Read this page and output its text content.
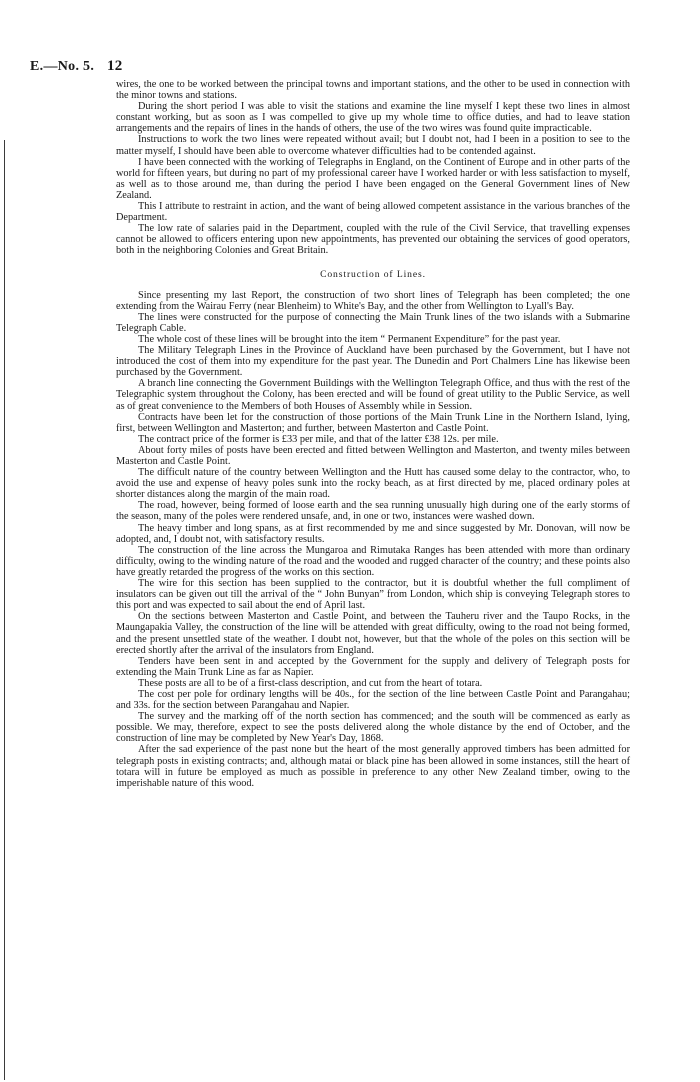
E.—No. 5. 12

wires, the one to be worked between the principal towns and important stations, and the other to be used in connection with the minor towns and stations.

During the short period I was able to visit the stations and examine the line myself I kept these two lines in almost constant working, but as soon as I was compelled to give up my whole time to office duties, and had to leave station arrangements and the repairs of lines in the hands of others, the use of the two wires was found quite impracticable.

Instructions to work the two lines were repeated without avail; but I doubt not, had I been in a position to see to the matter myself, I should have been able to overcome whatever difficulties had to be contended against.

I have been connected with the working of Telegraphs in England, on the Continent of Europe and in other parts of the world for fifteen years, but during no part of my professional career have I worked harder or with less satisfaction to myself, as well as to those around me, than during the period I have been engaged on the General Government lines of New Zealand.

This I attribute to restraint in action, and the want of being allowed competent assistance in the various branches of the Department.

The low rate of salaries paid in the Department, coupled with the rule of the Civil Service, that travelling expenses cannot be allowed to officers entering upon new appointments, has prevented our obtaining the services of good operators, both in the neighboring Colonies and Great Britain.

Construction of Lines.

Since presenting my last Report, the construction of two short lines of Telegraph has been completed; the one extending from the Wairau Ferry (near Blenheim) to White's Bay, and the other from Wellington to Lyall's Bay.

The lines were constructed for the purpose of connecting the Main Trunk lines of the two islands with a Submarine Telegraph Cable.

The whole cost of these lines will be brought into the item “ Permanent Expenditure” for the past year.

The Military Telegraph Lines in the Province of Auckland have been purchased by the Government, but I have not introduced the cost of them into my expenditure for the past year. The Dunedin and Port Chalmers Line has likewise been purchased by the Government.

A branch line connecting the Government Buildings with the Wellington Telegraph Office, and thus with the rest of the Telegraphic system throughout the Colony, has been erected and will be found of great utility to the Public Service, as well as of great convenience to the Members of both Houses of Assembly while in Session.

Contracts have been let for the construction of those portions of the Main Trunk Line in the Northern Island, lying, first, between Wellington and Masterton; and further, between Masterton and Castle Point.

The contract price of the former is £33 per mile, and that of the latter £38 12s. per mile.

About forty miles of posts have been erected and fitted between Wellington and Masterton, and twenty miles between Masterton and Castle Point.

The difficult nature of the country between Wellington and the Hutt has caused some delay to the contractor, who, to avoid the use and expense of heavy poles sunk into the rocky beach, as at first directed by me, placed ordinary poles at shorter distances along the margin of the main road.

The road, however, being formed of loose earth and the sea running unusually high during one of the early storms of the season, many of the poles were rendered unsafe, and, in one or two, instances were washed down.

The heavy timber and long spans, as at first recommended by me and since suggested by Mr. Donovan, will now be adopted, and, I doubt not, with satisfactory results.

The construction of the line across the Mungaroa and Rimutaka Ranges has been attended with more than ordinary difficulty, owing to the winding nature of the road and the wooded and rugged character of the country; and these points also have greatly retarded the progress of the works on this section.

The wire for this section has been supplied to the contractor, but it is doubtful whether the full compliment of insulators can be given out till the arrival of the “ John Bunyan” from London, which ship is conveying Telegraph stores to this port and was expected to sail about the end of April last.

On the sections between Masterton and Castle Point, and between the Tauheru river and the Taupo Rocks, in the Maungapakia Valley, the construction of the line will be attended with great difficulty, owing to the road not being formed, and the present unsettled state of the weather. I doubt not, however, but that the whole of the poles on this section will be erected shortly after the arrival of the insulators from England.

Tenders have been sent in and accepted by the Government for the supply and delivery of Telegraph posts for extending the Main Trunk Line as far as Napier.

These posts are all to be of a first-class description, and cut from the heart of totara.

The cost per pole for ordinary lengths will be 40s., for the section of the line between Castle Point and Parangahau; and 33s. for the section between Parangahau and Napier.

The survey and the marking off of the north section has commenced; and the south will be commenced as early as possible. We may, therefore, expect to see the posts delivered along the whole distance by the end of October, and the construction of line may be completed by New Year's Day, 1868.

After the sad experience of the past none but the heart of the most generally approved timbers has been admitted for telegraph posts in existing contracts; and, although matai or black pine has been allowed in some instances, still the heart of totara will in future be employed as much as possible in preference to any other New Zealand timber, owing to the imperishable nature of this wood.
